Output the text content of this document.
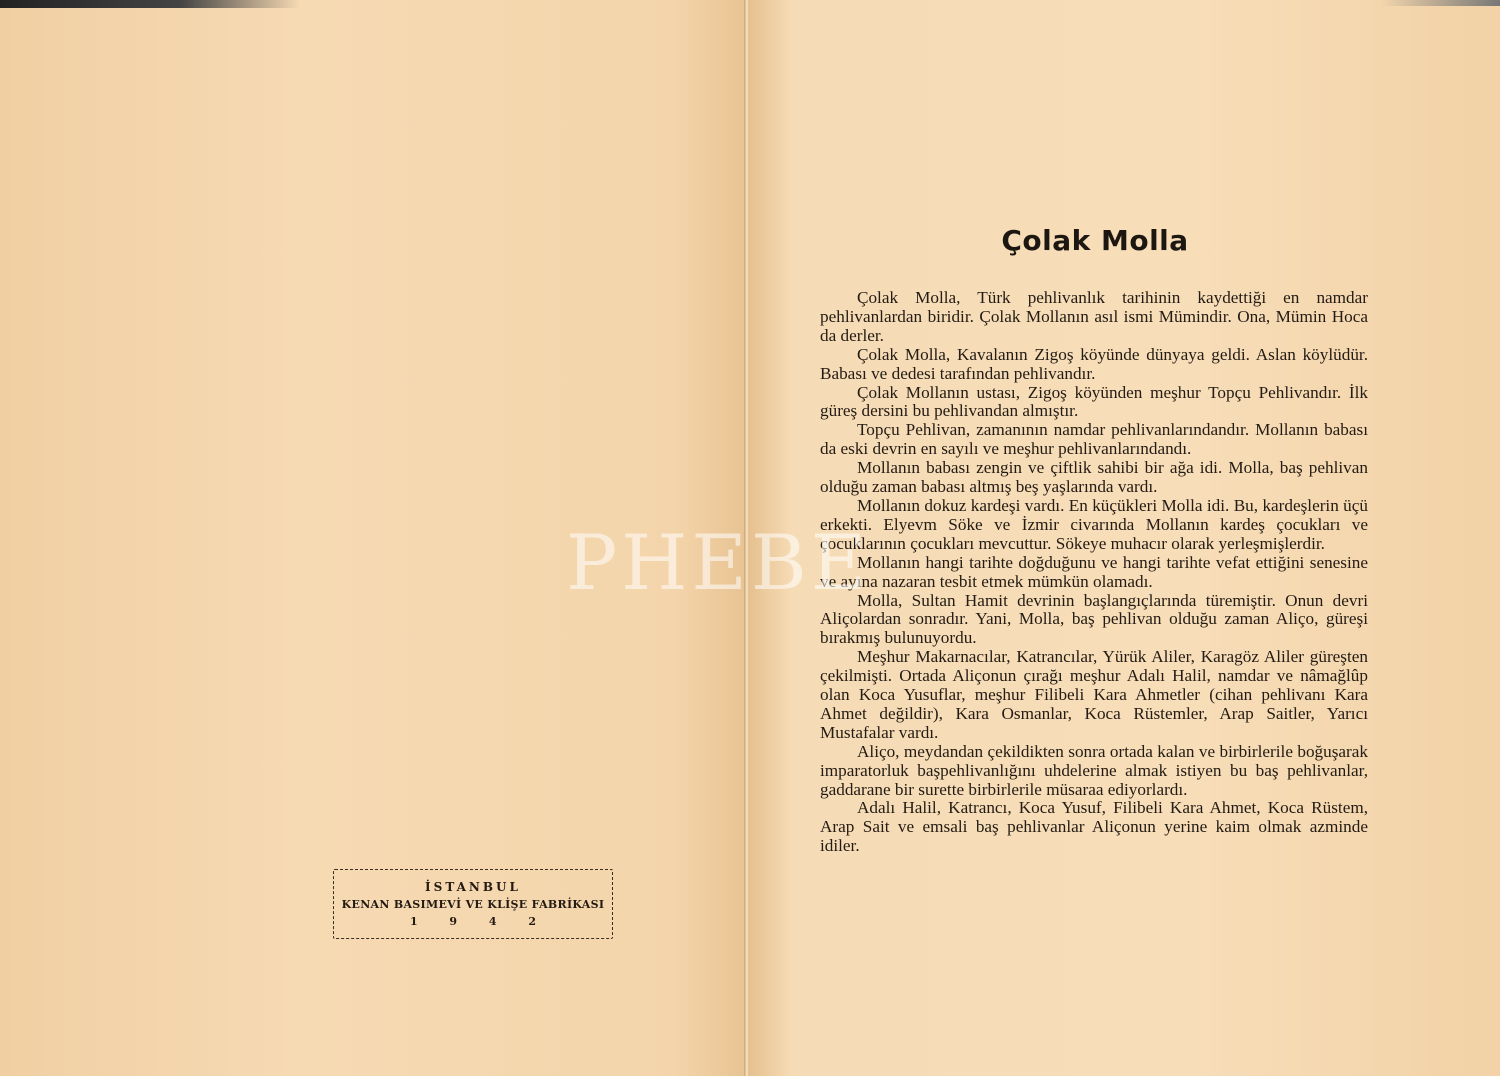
İSTANBUL
KENAN BASIMEVİ VE KLİŞE FABRİKASI
1 9 4 2
Çolak Molla

Çolak Molla, Türk pehlivanlık tarihinin kaydettiği en namdar pehlivanlardan biridir. Çolak Mollanın asıl ismi Mümindir. Ona, Mümin Hoca da derler.

Çolak Molla, Kavalanın Zigoş köyünde dünyaya geldi. Aslan köylüdür. Babası ve dedesi tarafından pehlivandır.

Çolak Mollanın ustası, Zigoş köyünden meşhur Topçu Pehlivandır. İlk güreş dersini bu pehlivandan almıştır.

Topçu Pehlivan, zamanının namdar pehlivanlarındandır. Mollanın babası da eski devrin en sayılı ve meşhur pehlivanlarındandı.

Mollanın babası zengin ve çiftlik sahibi bir ağa idi. Molla, baş pehlivan olduğu zaman babası altmış beş yaşlarında vardı.

Mollanın dokuz kardeşi vardı. En küçükleri Molla idi. Bu, kardeşlerin üçü erkekti. Elyevm Söke ve İzmir civarında Mollanın kardeş çocukları ve çocuklarının çocukları mevcuttur. Sökeye muhacır olarak yerleşmişlerdir.

Mollanın hangi tarihte doğduğunu ve hangi tarihte vefat ettiğini senesine ve ayına nazaran tesbit etmek mümkün olamadı.

Molla, Sultan Hamit devrinin başlangıçlarında türemiştir. Onun devri Aliçolardan sonradır. Yani, Molla, baş pehlivan olduğu zaman Aliço, güreşi bırakmış bulunuyordu.

Meşhur Makarnacılar, Katrancılar, Yürük Aliler, Karagöz Aliler güreşten çekilmişti. Ortada Aliçonun çırağı meşhur Adalı Halil, namdar ve nâmağlûp olan Koca Yusuflar, meşhur Filibeli Kara Ahmetler (cihan pehlivanı Kara Ahmet değildir), Kara Osmanlar, Koca Rüstemler, Arap Saitler, Yarıcı Mustafalar vardı.

Aliço, meydandan çekildikten sonra ortada kalan ve birbirlerile boğuşarak imparatorluk başpehlivanlığını uhdelerine almak istiyen bu baş pehlivanlar, gaddarane bir surette birbirlerile müsaraa ediyorlardı.

Adalı Halil, Katrancı, Koca Yusuf, Filibeli Kara Ahmet, Koca Rüstem, Arap Sait ve emsali baş pehlivanlar Aliçonun yerine kaim olmak azminde idiler.

PHEBE
